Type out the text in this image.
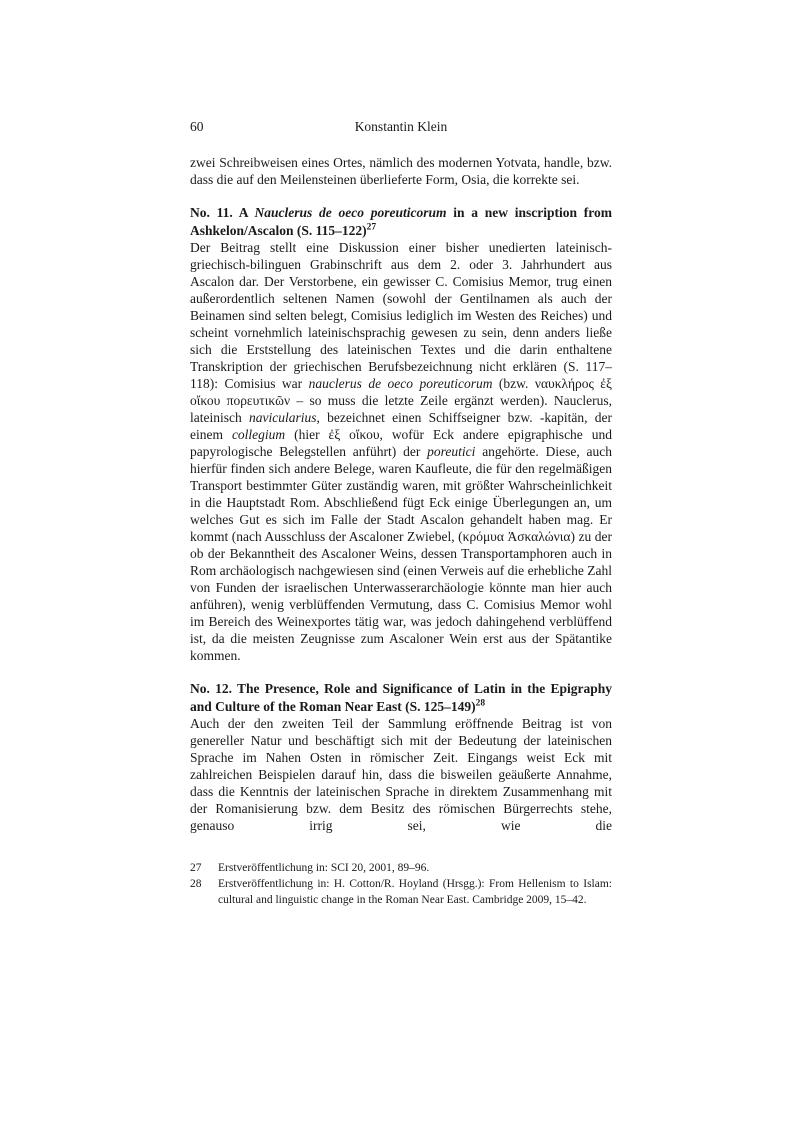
60	Konstantin Klein

zwei Schreibweisen eines Ortes, nämlich des modernen Yotvata, handle, bzw. dass die auf den Meilensteinen überlieferte Form, Osia, die korrekte sei.

No. 11. A Nauclerus de oeco poreuticorum in a new inscription from Ashkelon/Ascalon (S. 115–122)$^{27}$

Der Beitrag stellt eine Diskussion einer bisher unedierten lateinisch-griechisch-bilinguen Grabinschrift aus dem 2. oder 3. Jahrhundert aus Ascalon dar. Der Verstorbene, ein gewisser C. Comisius Memor, trug einen außerordentlich seltenen Namen (sowohl der Gentilnamen als auch der Beinamen sind selten belegt, Comisius lediglich im Westen des Reiches) und scheint vornehmlich lateinischsprachig gewesen zu sein, denn anders ließe sich die Erststellung des lateinischen Textes und die darin enthaltene Transkription der griechischen Berufsbezeichnung nicht erklären (S. 117–118): Comisius war nauclerus de oeco poreuticorum (bzw. ναυκλήρος ἐξ οἴκου πορευτικῶν – so muss die letzte Zeile ergänzt werden). Nauclerus, lateinisch navicularius, bezeichnet einen Schiffseigner bzw. -kapitän, der einem collegium (hier ἐξ οἴκου, wofür Eck andere epigraphische und papyrologische Belegstellen anführt) der poreutici angehörte. Diese, auch hierfür finden sich andere Belege, waren Kaufleute, die für den regelmäßigen Transport bestimmter Güter zuständig waren, mit größter Wahrscheinlichkeit in die Hauptstadt Rom. Abschließend fügt Eck einige Überlegungen an, um welches Gut es sich im Falle der Stadt Ascalon gehandelt haben mag. Er kommt (nach Ausschluss der Ascaloner Zwiebel, (κρόμυα Ἀσκαλώνια) zu der ob der Bekanntheit des Ascaloner Weins, dessen Transportamphoren auch in Rom archäologisch nachgewiesen sind (einen Verweis auf die erhebliche Zahl von Funden der israelischen Unterwasserarchäologie könnte man hier auch anführen), wenig verblüffenden Vermutung, dass C. Comisius Memor wohl im Bereich des Weinexportes tätig war, was jedoch dahingehend verblüffend ist, da die meisten Zeugnisse zum Ascaloner Wein erst aus der Spätantike kommen.

No. 12. The Presence, Role and Significance of Latin in the Epigraphy and Culture of the Roman Near East (S. 125–149)$^{28}$

Auch der den zweiten Teil der Sammlung eröffnende Beitrag ist von genereller Natur und beschäftigt sich mit der Bedeutung der lateinischen Sprache im Nahen Osten in römischer Zeit. Eingangs weist Eck mit zahlreichen Beispielen darauf hin, dass die bisweilen geäußerte Annahme, dass die Kenntnis der lateinischen Sprache in direktem Zusammenhang mit der Romanisierung bzw. dem Besitz des römischen Bürgerrechts stehe, genauso irrig sei, wie die

27	Erstveröffentlichung in: SCI 20, 2001, 89–96.
28	Erstveröffentlichung in: H. Cotton/R. Hoyland (Hrsgg.): From Hellenism to Islam: cultural and linguistic change in the Roman Near East. Cambridge 2009, 15–42.
